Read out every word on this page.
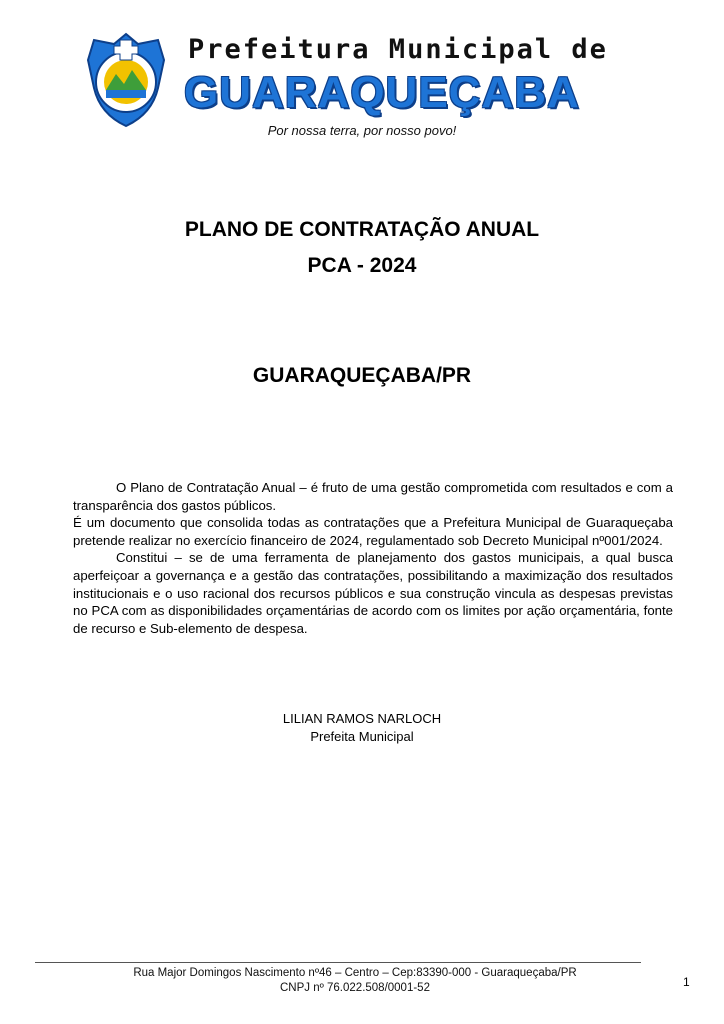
Prefeitura Municipal de
GUARAQUEÇABA
Por nossa terra, por nosso povo!
PLANO DE CONTRATAÇÃO ANUAL
PCA - 2024
GUARAQUEÇABA/PR

O Plano de Contratação Anual – é fruto de uma gestão comprometida com resultados e com a transparência dos gastos públicos.

É um documento que consolida todas as contratações que a Prefeitura Municipal de Guaraqueçaba pretende realizar no exercício financeiro de 2024, regulamentado sob Decreto Municipal nº001/2024.

Constitui – se de uma ferramenta de planejamento dos gastos municipais, a qual busca aperfeiçoar a governança e a gestão das contratações, possibilitando a maximização dos resultados institucionais e o uso racional dos recursos públicos e sua construção vincula as despesas previstas no PCA com as disponibilidades orçamentárias de acordo com os limites por ação orçamentária, fonte de recurso e Sub-elemento de despesa.

LILIAN RAMOS NARLOCH
Prefeita Municipal
Rua Major Domingos Nascimento nº46 – Centro – Cep:83390-000 - Guaraqueçaba/PR
CNPJ nº 76.022.508/0001-52	1
